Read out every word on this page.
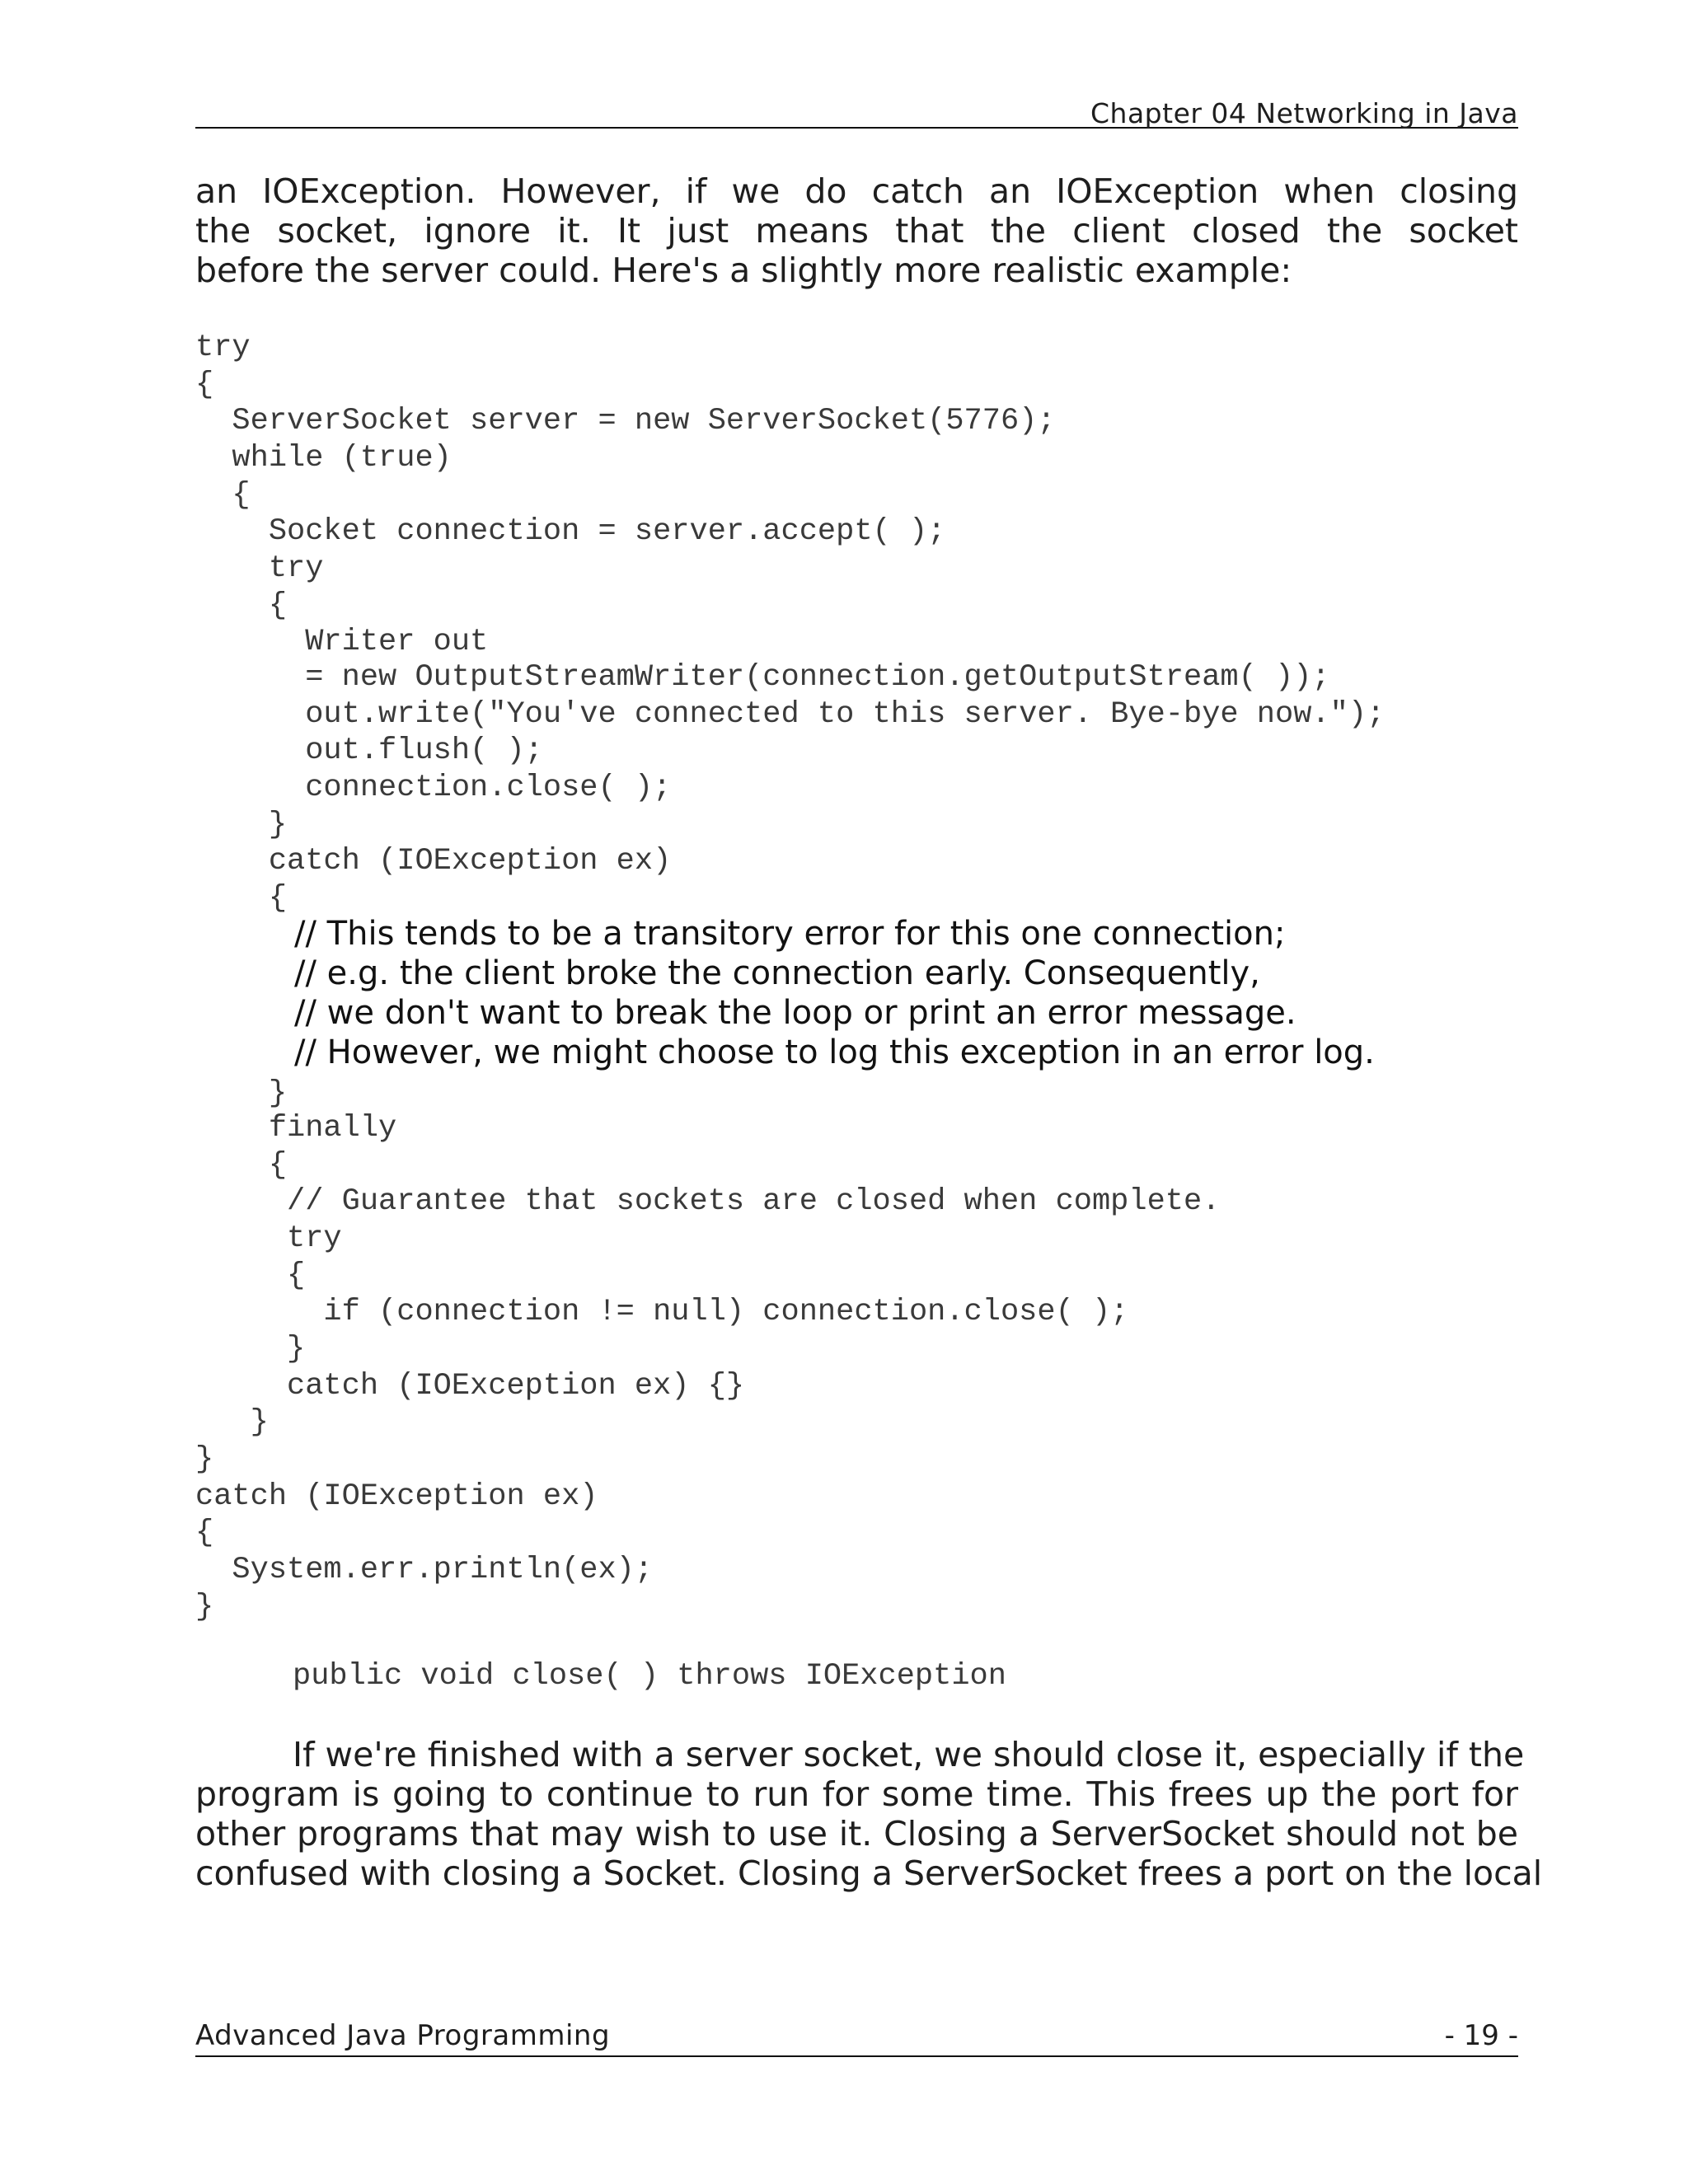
Chapter 04 Networking in Java
an IOException. However, if we do catch an IOException when closing
the socket, ignore it. It just means that the client closed the socket
before the server could. Here's a slightly more realistic example:
try
{
ServerSocket server = new ServerSocket(5776);
while (true)
{
Socket connection = server.accept( );
try
{
Writer out
= new OutputStreamWriter(connection.getOutputStream( ));
out.write("You've connected to this server. Bye-bye now.");
out.flush( );
connection.close( );
}
catch (IOException ex)
{
// This tends to be a transitory error for this one connection;
// e.g. the client broke the connection early. Consequently,
// we don't want to break the loop or print an error message.
// However, we might choose to log this exception in an error log.
}
finally
{
// Guarantee that sockets are closed when complete.
try
{
if (connection != null) connection.close( );
}
catch (IOException ex) {}
}
}
catch (IOException ex)
{
System.err.println(ex);
}
public void close( ) throws IOException
If we're finished with a server socket, we should close it, especially if the
program is going to continue to run for some time. This frees up the port for
other programs that may wish to use it. Closing a ServerSocket should not be
confused with closing a Socket. Closing a ServerSocket frees a port on the local
Advanced Java Programming	- 19 -
